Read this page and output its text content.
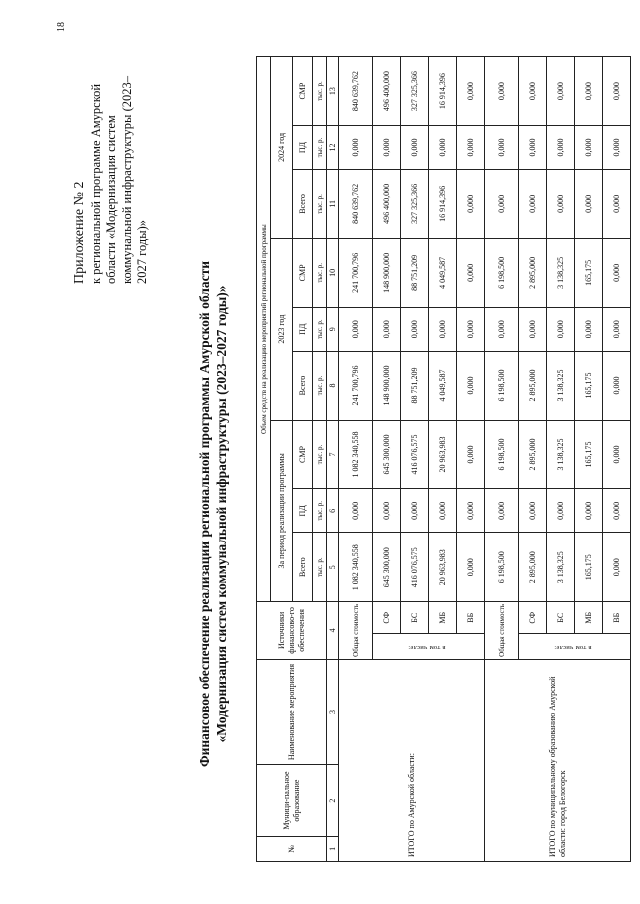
18
Приложение № 2 к региональной программе Амурской области «Модернизация систем коммунальной инфраструктуры (2023–2027 годы)»
Финансовое обеспечение реализации региональной программы Амурской области «Модернизация систем коммунальной инфраструктуры (2023–2027 годы)»
№	Муници-пальное образование	Наименование мероприятия	Источники финансово-го обеспечения		Объем средств на реализацию мероприятий региональной программы								
					За период реализации программы			2023 год			2024 год		
					Всего	ПД	СМР	Всего	ПД	СМР	Всего	ПД	СМР
					тыс. р.	тыс. р.	тыс. р.	тыс. р.	тыс. р.	тыс. р.	тыс. р.	тыс. р.	тыс. р.
1	2	3	4		5	6	7	8	9	10	11	12	13
ИТОГО по Амурской области:			Общая стоимость		1 082 340,558	0,000	1 082 340,558	241 700,796	0,000	241 700,796	840 639,762	0,000	840 639,762
			в том числе:	СФ	645 300,000	0,000	645 300,000	148 900,000	0,000	148 900,000	496 400,000	0,000	496 400,000
				БС	416 076,575	0,000	416 076,575	88 751,209	0,000	88 751,209	327 325,366	0,000	327 325,366
				МБ	20 963,983	0,000	20 963,983	4 049,587	0,000	4 049,587	16 914,396	0,000	16 914,396
				ВБ	0,000	0,000	0,000	0,000	0,000	0,000	0,000	0,000	0,000
ИТОГО по муниципальному образованию Амурской области: город Белогорск			Общая стоимость		6 198,500	0,000	6 198,500	6 198,500	0,000	6 198,500	0,000	0,000	0,000
			в том числе:	СФ	2 895,000	0,000	2 895,000	2 895,000	0,000	2 895,000	0,000	0,000	0,000
				БС	3 138,325	0,000	3 138,325	3 138,325	0,000	3 138,325	0,000	0,000	0,000
				МБ	165,175	0,000	165,175	165,175	0,000	165,175	0,000	0,000	0,000
				ВБ	0,000	0,000	0,000	0,000	0,000	0,000	0,000	0,000	0,000
